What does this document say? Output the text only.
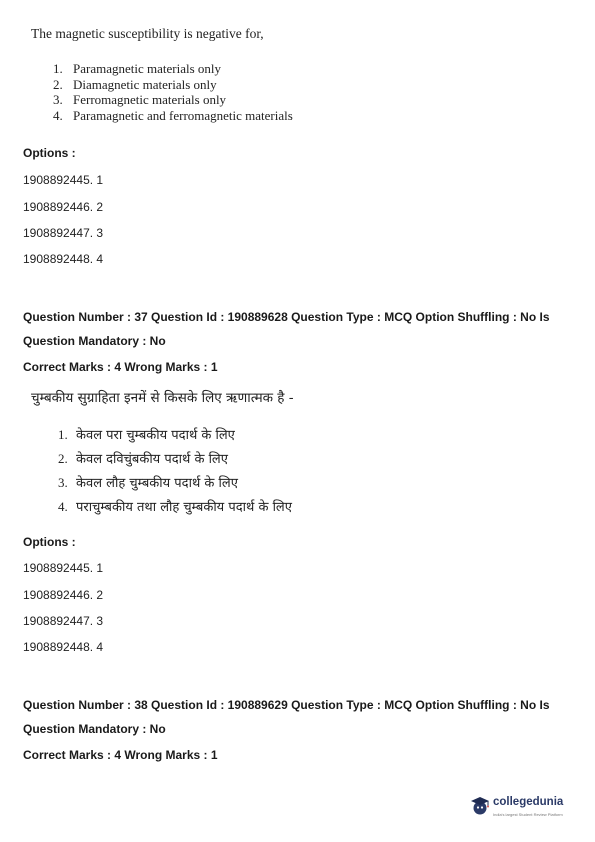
The magnetic susceptibility is negative for,
1. Paramagnetic materials only
2. Diamagnetic materials only
3. Ferromagnetic materials only
4. Paramagnetic and ferromagnetic materials
Options :
1908892445. 1
1908892446. 2
1908892447. 3
1908892448. 4
Question Number : 37 Question Id : 190889628 Question Type : MCQ Option Shuffling : No Is
Question Mandatory : No
Correct Marks : 4 Wrong Marks : 1
चुम्बकीय सुग्राहिता इनमें से किसके लिए ऋणात्मक है -
1. केवल परा चुम्बकीय पदार्थ के लिए
2. केवल दविचुंबकीय पदार्थ के लिए
3. केवल लौह चुम्बकीय पदार्थ के लिए
4. पराचुम्बकीय तथा लौह चुम्बकीय पदार्थ के लिए
Options :
1908892445. 1
1908892446. 2
1908892447. 3
1908892448. 4
Question Number : 38 Question Id : 190889629 Question Type : MCQ Option Shuffling : No Is
Question Mandatory : No
Correct Marks : 4 Wrong Marks : 1
collegedunia
India's largest Student Review Platform
